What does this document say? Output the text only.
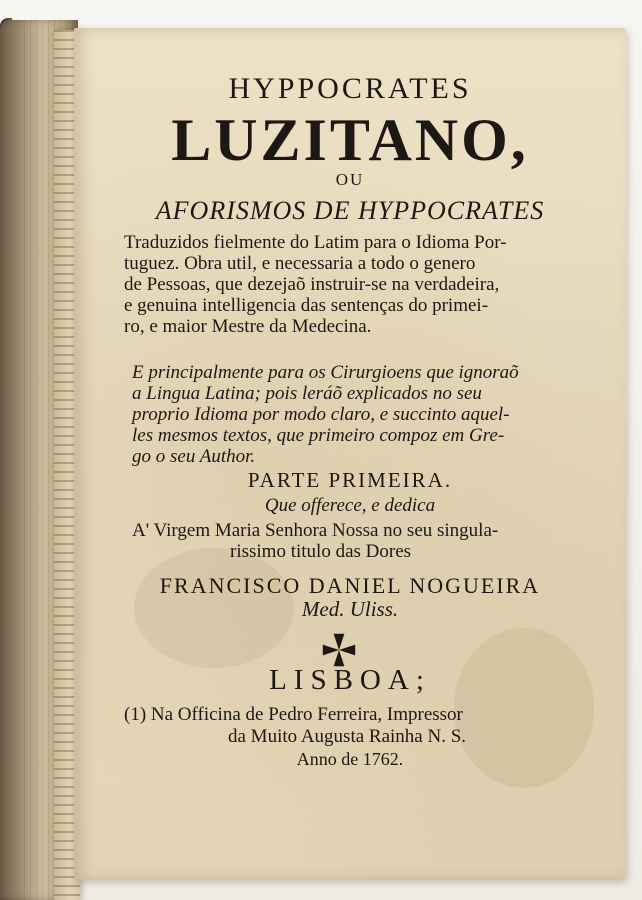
HYPPOCRATES

LUZITANO,

OU

AFORISMOS DE HYPPOCRATES

Traduzidos fielmente do Latim para o Idioma Por-
tuguez. Obra util, e necessaria a todo o genero
de Pessoas, que dezejaõ instruir-se na verdadeira,
e genuina intelligencia das sentenças do primei-
ro, e maior Mestre da Medecina.
E principalmente para os Cirurgioens que ignoraõ
a Lingua Latina; pois leráõ explicados no seu
proprio Idioma por modo claro, e succinto aquel-
les mesmos textos, que primeiro compoz em Gre-
go o seu Author.

PARTE PRIMEIRA.

Que offerece, e dedica

A' Virgem Maria Senhora Nossa no seu singula-
rissimo titulo das Dores

FRANCISCO DANIEL NOGUEIRA

Med. Uliss.

LISBOA;

(1) Na Officina de Pedro Ferreira, Impressor
da Muito Augusta Rainha N. S.

Anno de 1762.
